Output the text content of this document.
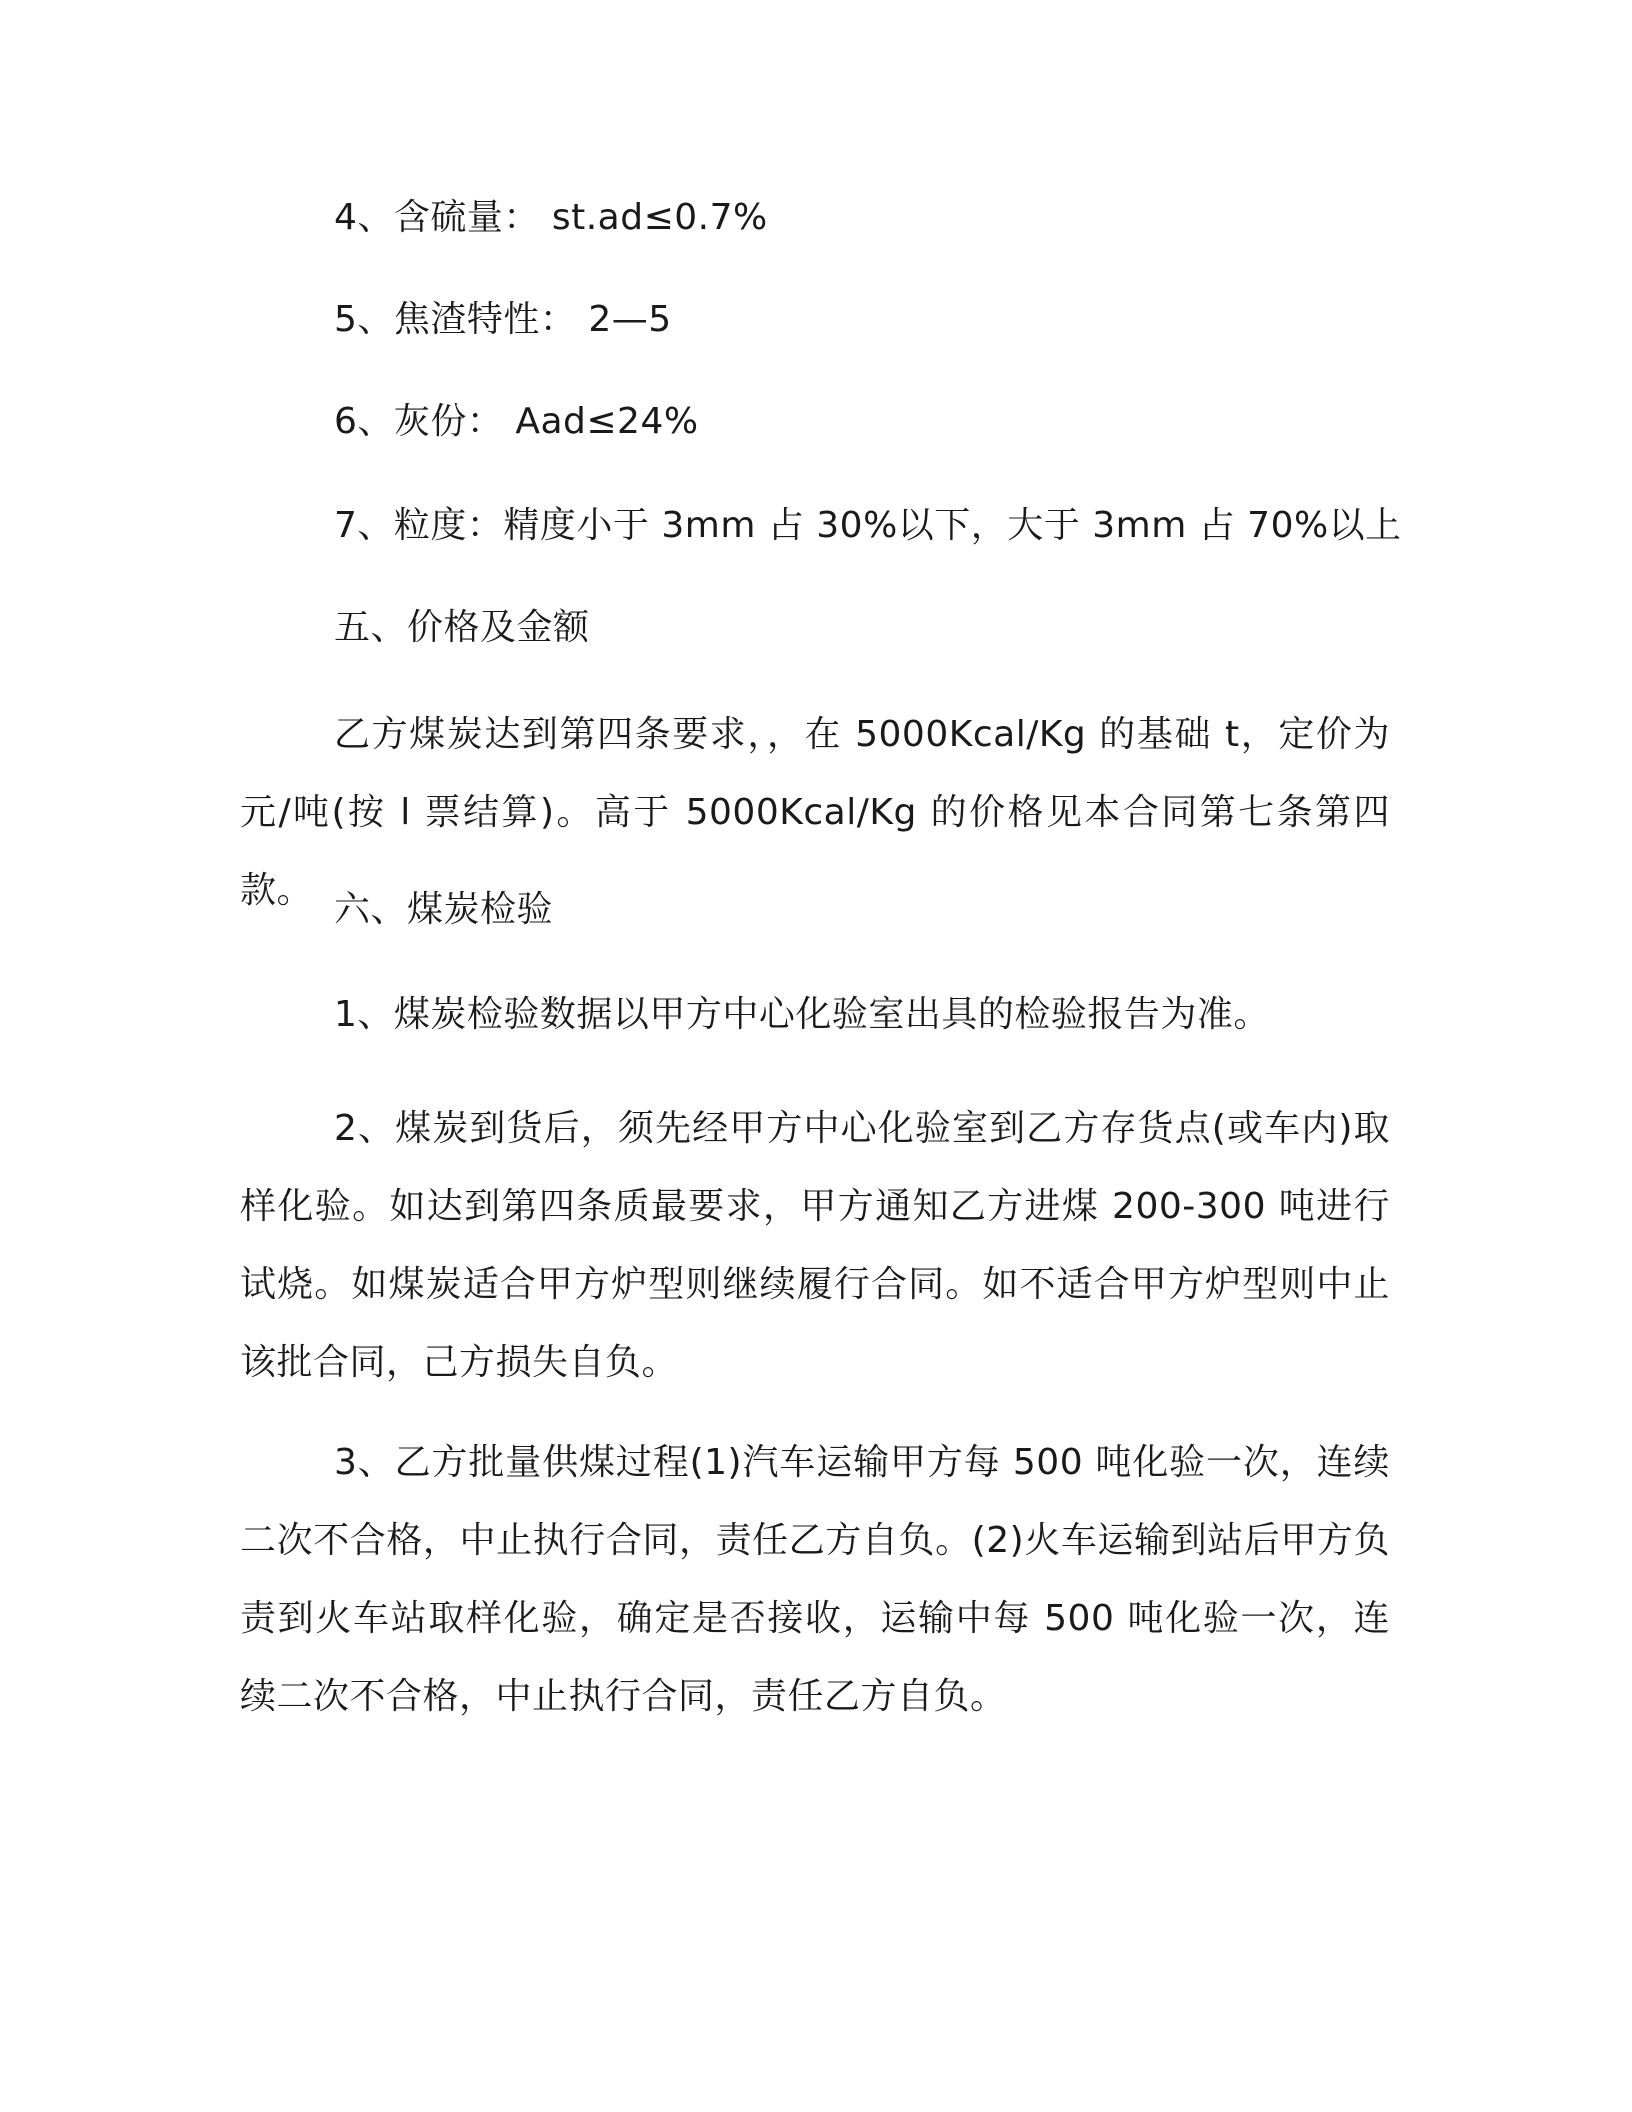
4、含硫量： st.ad≤0.7%
5、焦渣特性： 2—5
6、灰份： Aad≤24%
7、粒度：精度小于 3mm 占 30%以下，大于 3mm 占 70%以上
五、价格及金额
乙方煤炭达到第四条要求，，在 5000Kcal/Kg 的基础 t，定价为元/吨(按 l 票结算)。高于 5000Kcal/Kg 的价格见本合同第七条第四款。 六、煤炭检验
1、煤炭检验数据以甲方中心化验室出具的检验报告为准。
2、煤炭到货后，须先经甲方中心化验室到乙方存货点(或车内)取样化验。如达到第四条质最要求，甲方通知乙方进煤 200-300 吨进行试烧。如煤炭适合甲方炉型则继续履行合同。如不适合甲方炉型则中止该批合同，己方损失自负。
3、乙方批量供煤过程(1)汽车运输甲方每 500 吨化验一次，连续二次不合格，中止执行合同，责任乙方自负。(2)火车运输到站后甲方负责到火车站取样化验，确定是否接收，运输中每 500 吨化验一次，连续二次不合格，中止执行合同，责任乙方自负。
